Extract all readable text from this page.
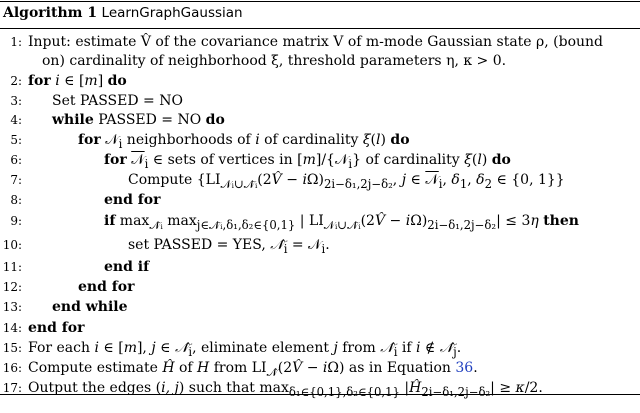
Algorithm 1 LearnGraphGaussian
1: Input: estimate V̂ of the covariance matrix V of m-mode Gaussian state ρ, (bound
on) cardinality of neighborhood ξ, threshold parameters η, κ > 0.
2: for i ∈ [m] do
3: Set PASSED = NO
4: while PASSED = NO do
5:	for 𝒩$_i$ neighborhoods of i of cardinality ξ(l) do
6:	for 𝒩$_i$ ∈ sets of vertices in [m]/{𝒩$_i$} of cardinality ξ(l) do
7:	Compute {$LI_{𝒩ᵢ\cup 𝒩̄ᵢ}(2V̂ - i\Omega)_{2i-\delta_1,2j-\delta_2}$, j ∈ 𝒩$_i$, $\delta_1$, $\delta_2$ ∈ {0, 1}}
8:	end for
9:	if $\max_{𝒩̄ᵢ} \max_{j\in 𝒩̄ᵢ,\delta_1,\delta_2\in\{0,1\}}$ | $LI_{𝒩ᵢ\cup 𝒩̄ᵢ}(2V̂ - i\Omega)_{2i-\delta_1,2j-\delta_2}| \le 3\eta$ then
10:	set PASSED = YES, $𝒩̂_i$ = 𝒩$_i$.
11:	end if
12:	end for
13: end while
14: end for
15: For each i ∈ [m], j ∈ $𝒩̂_i$, eliminate element j from $𝒩̂_i$ if i ∉ $𝒩̂_j$.
16: Compute estimate Ĥ of H from $LI_{𝒩̂}(2V̂ - i\Omega)$ as in Equation 36.
17: Output the edges (i, j) such that $\max_{\delta_1\in\{0,1\},\delta_2\in\{0,1\}}$ $|Ĥ_{2i-\delta_1,2j-\delta_2}| \ge \kappa/2$.
